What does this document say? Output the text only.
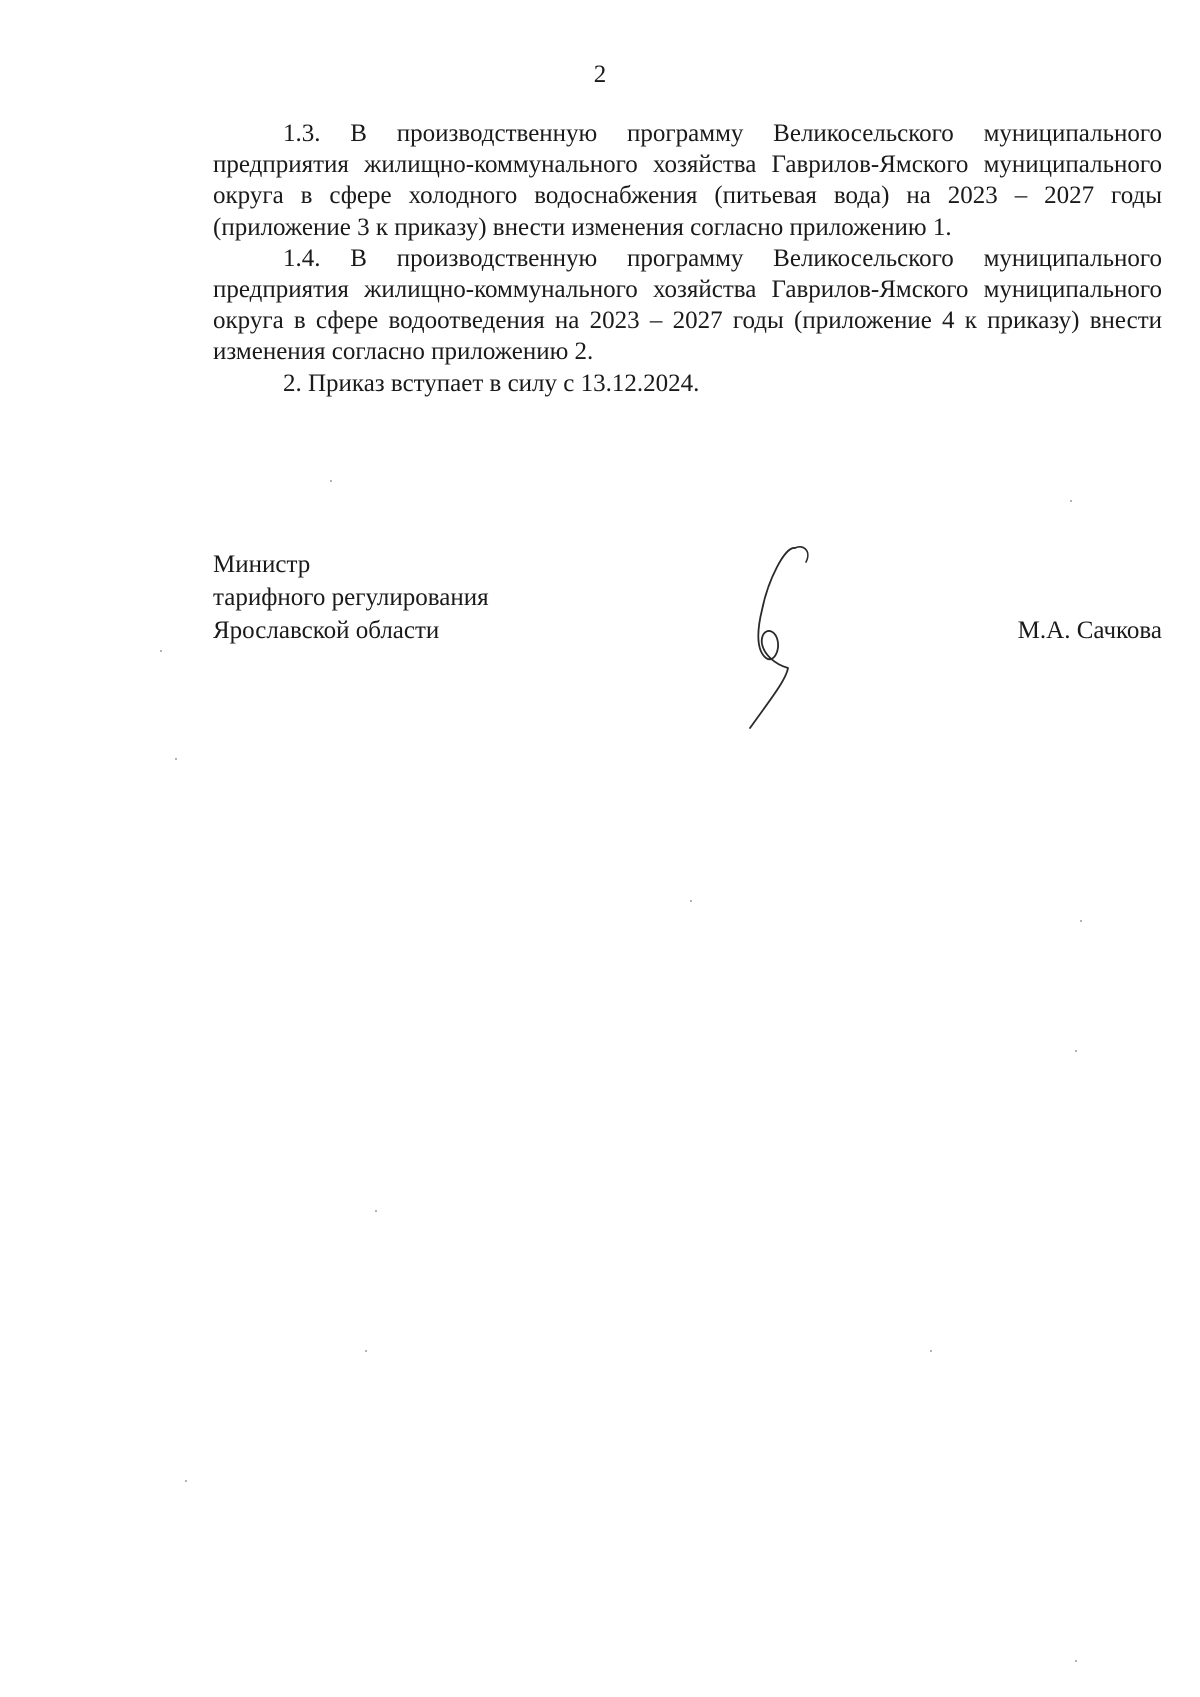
2

1.3. В производственную программу Великосельского муниципального предприятия жилищно-коммунального хозяйства Гаврилов-Ямского муниципального округа в сфере холодного водоснабжения (питьевая вода) на 2023 – 2027 годы (приложение 3 к приказу) внести изменения согласно приложению 1.

1.4. В производственную программу Великосельского муниципального предприятия жилищно-коммунального хозяйства Гаврилов-Ямского муниципального округа в сфере водоотведения на 2023 – 2027 годы (приложение 4 к приказу) внести изменения согласно приложению 2.

2. Приказ вступает в силу с 13.12.2024.

Министр
тарифного регулирования
Ярославской области	М.А. Сачкова
